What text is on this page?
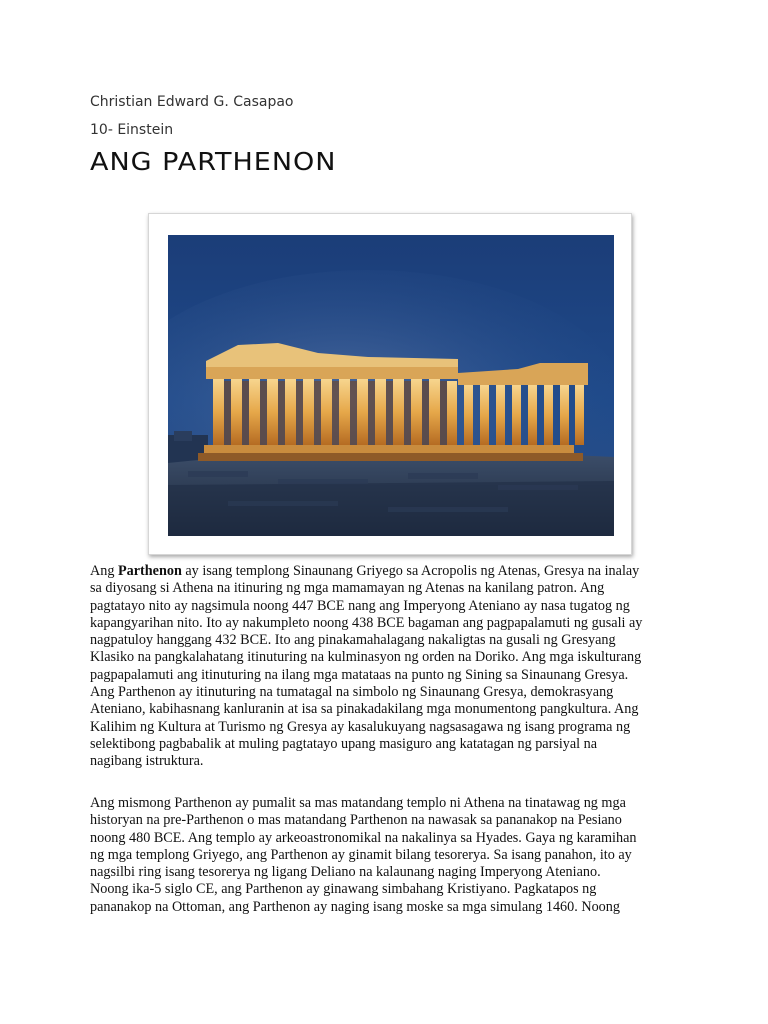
Christian Edward G. Casapao
10- Einstein
ANG PARTHENON
Ang Parthenon ay isang templong Sinaunang Griyego sa Acropolis ng Atenas, Gresya na inalay
sa diyosang si Athena na itinuring ng mga mamamayan ng Atenas na kanilang patron. Ang
pagtatayo nito ay nagsimula noong 447 BCE nang ang Imperyong Ateniano ay nasa tugatog ng
kapangyarihan nito. Ito ay nakumpleto noong 438 BCE bagaman ang pagpapalamuti ng gusali ay
nagpatuloy hanggang 432 BCE. Ito ang pinakamahalagang nakaligtas na gusali ng Gresyang
Klasiko na pangkalahatang itinuturing na kulminasyon ng orden na Doriko. Ang mga iskulturang
pagpapalamuti ang itinuturing na ilang mga matataas na punto ng Sining sa Sinaunang Gresya.
Ang Parthenon ay itinuturing na tumatagal na simbolo ng Sinaunang Gresya, demokrasyang
Ateniano, kabihasnang kanluranin at isa sa pinakadakilang mga monumentong pangkultura. Ang
Kalihim ng Kultura at Turismo ng Gresya ay kasalukuyang nagsasagawa ng isang programa ng
selektibong pagbabalik at muling pagtatayo upang masiguro ang katatagan ng parsiyal na
nagibang istruktura.
Ang mismong Parthenon ay pumalit sa mas matandang templo ni Athena na tinatawag ng mga
historyan na pre-Parthenon o mas matandang Parthenon na nawasak sa pananakop na Pesiano
noong 480 BCE. Ang templo ay arkeoastronomikal na nakalinya sa Hyades. Gaya ng karamihan
ng mga templong Griyego, ang Parthenon ay ginamit bilang tesorerya. Sa isang panahon, ito ay
nagsilbi ring isang tesorerya ng ligang Deliano na kalaunang naging Imperyong Ateniano.
Noong ika-5 siglo CE, ang Parthenon ay ginawang simbahang Kristiyano. Pagkatapos ng
pananakop na Ottoman, ang Parthenon ay naging isang moske sa mga simulang 1460. Noong
